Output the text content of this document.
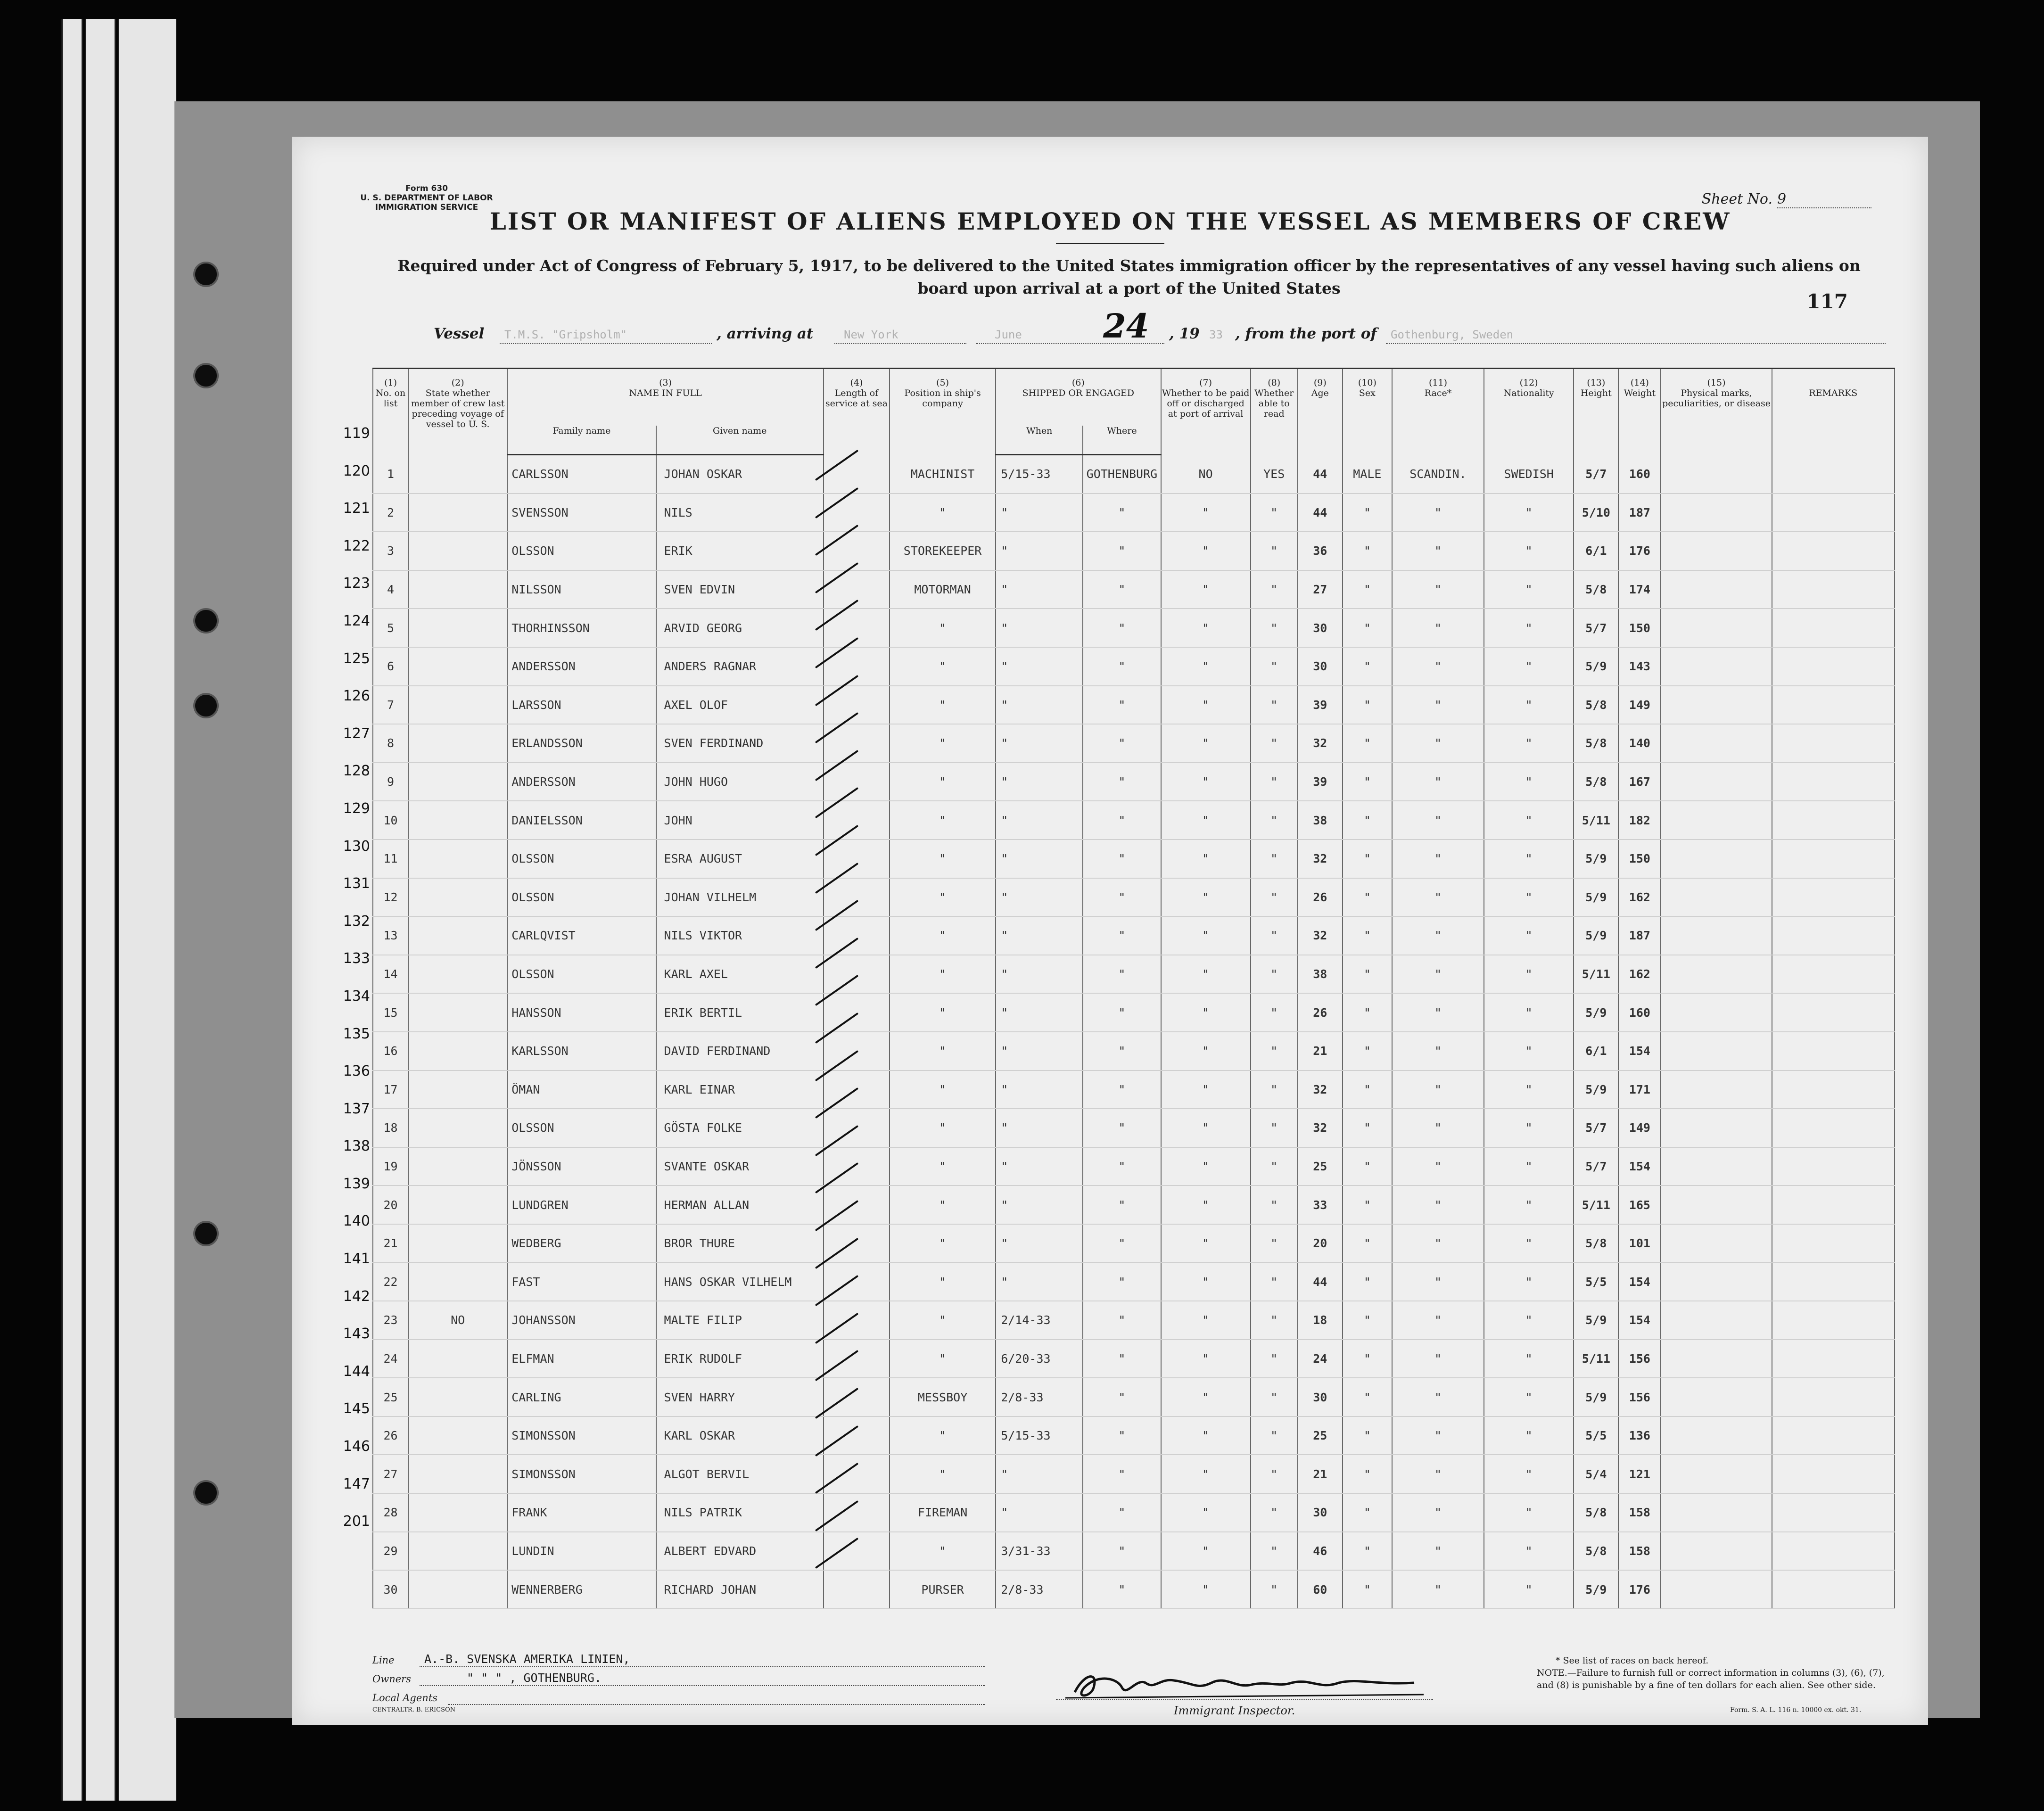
Form 630
U. S. DEPARTMENT OF LABOR
IMMIGRATION SERVICE	Sheet No. 9
LIST OR MANIFEST OF ALIENS EMPLOYED ON THE VESSEL AS MEMBERS OF CREW
Required under Act of Congress of February 5, 1917, to be delivered to the United States immigration officer by the representatives of any vessel having such aliens on board upon arrival at a port of the United States
117
Vessel T.M.S. "Gripsholm"	, arriving at	New York	June 24 , 19 33 , from the port of Gothenburg, Sweden
(1)	(2)	(3)		(4)	(5)	(6)		(7)	(8)	(9)	(10)	(11)	(12)	(13)	(14)	(15)	
No. on list	State whether member of crew last preceding voyage of vessel to U. S.	NAME IN FULL		Length of service at sea	Position in ship's company	SHIPPED OR ENGAGED		Whether to be paid off or discharged at port of arrival	Whether able to read	Age	Sex	Race*	Nationality	Height	Weight	Physical marks, peculiarities, or disease	REMARKS
		Family name	Given name			When	Where										
1		CARLSSON	JOHAN OSKAR		MACHINIST	5/15-33	GOTHENBURG	NO	YES	44	MALE	SCANDIN.	SWEDISH	5/7	160		
2		SVENSSON	NILS		"	"	"	"	"	44	"	"	"	5/10	187		
3		OLSSON	ERIK		STOREKEEPER	"	"	"	"	36	"	"	"	6/1	176		
4		NILSSON	SVEN EDVIN		MOTORMAN	"	"	"	"	27	"	"	"	5/8	174		
5		THORHINSSON	ARVID GEORG		"	"	"	"	"	30	"	"	"	5/7	150		
6		ANDERSSON	ANDERS RAGNAR		"	"	"	"	"	30	"	"	"	5/9	143		
7		LARSSON	AXEL OLOF		"	"	"	"	"	39	"	"	"	5/8	149		
8		ERLANDSSON	SVEN FERDINAND		"	"	"	"	"	32	"	"	"	5/8	140		
9		ANDERSSON	JOHN HUGO		"	"	"	"	"	39	"	"	"	5/8	167		
10		DANIELSSON	JOHN		"	"	"	"	"	38	"	"	"	5/11	182		
11		OLSSON	ESRA AUGUST		"	"	"	"	"	32	"	"	"	5/9	150		
12		OLSSON	JOHAN VILHELM		"	"	"	"	"	26	"	"	"	5/9	162		
13		CARLQVIST	NILS VIKTOR		"	"	"	"	"	32	"	"	"	5/9	187		
14		OLSSON	KARL AXEL		"	"	"	"	"	38	"	"	"	5/11	162		
15		HANSSON	ERIK BERTIL		"	"	"	"	"	26	"	"	"	5/9	160		
16		KARLSSON	DAVID FERDINAND		"	"	"	"	"	21	"	"	"	6/1	154		
17		ÖMAN	KARL EINAR		"	"	"	"	"	32	"	"	"	5/9	171		
18		OLSSON	GÖSTA FOLKE		"	"	"	"	"	32	"	"	"	5/7	149		
19		JÖNSSON	SVANTE OSKAR		"	"	"	"	"	25	"	"	"	5/7	154		
20		LUNDGREN	HERMAN ALLAN		"	"	"	"	"	33	"	"	"	5/11	165		
21		WEDBERG	BROR THURE		"	"	"	"	"	20	"	"	"	5/8	101		
22		FAST	HANS OSKAR VILHELM		"	"	"	"	"	44	"	"	"	5/5	154		
23	NO	JOHANSSON	MALTE FILIP		"	2/14-33	"	"	"	18	"	"	"	5/9	154		
24		ELFMAN	ERIK RUDOLF		"	6/20-33	"	"	"	24	"	"	"	5/11	156		
25		CARLING	SVEN HARRY		MESSBOY	2/8-33	"	"	"	30	"	"	"	5/9	156		
26		SIMONSSON	KARL OSKAR		"	5/15-33	"	"	"	25	"	"	"	5/5	136		
27		SIMONSSON	ALGOT BERVIL		"	"	"	"	"	21	"	"	"	5/4	121		
28		FRANK	NILS PATRIK		FIREMAN	"	"	"	"	30	"	"	"	5/8	158		
29		LUNDIN	ALBERT EDVARD		"	3/31-33	"	"	"	46	"	"	"	5/8	158		
30		WENNERBERG	RICHARD JOHAN		PURSER	2/8-33	"	"	"	60	"	"	"	5/9	176		
119
120
121
122
123
124
125
126
127
128
129
130
131
132
133
134
135
136
137
138
139
140
141
142
143
144
145
146
147
201
Line	A.-B. SVENSKA AMERIKA LINIEN,
Owners	" " " , GOTHENBURG.
Local Agents
CENTRALTR. B. ERICSON	Immigrant Inspector.
* See list of races on back hereof.
NOTE.—Failure to furnish full or correct information in columns (3), (6), (7), and (8) is punishable by a fine of ten dollars for each alien. See other side.
Form. S. A. L. 116 n. 10000 ex. okt. 31.
